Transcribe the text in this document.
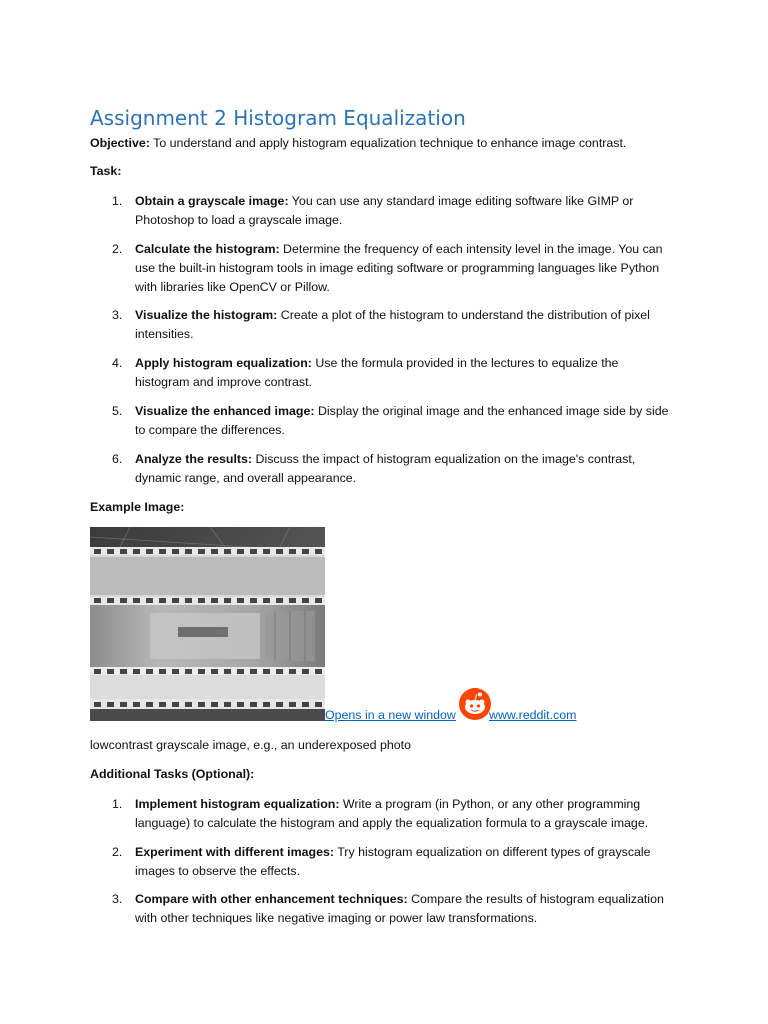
Assignment 2 Histogram Equalization

Objective: To understand and apply histogram equalization technique to enhance image contrast.

Task:

1. Obtain a grayscale image: You can use any standard image editing software like GIMP or
Photoshop to load a grayscale image.
2. Calculate the histogram: Determine the frequency of each intensity level in the image. You can
use the built-in histogram tools in image editing software or programming languages like Python
with libraries like OpenCV or Pillow.
3. Visualize the histogram: Create a plot of the histogram to understand the distribution of pixel
intensities.
4. Apply histogram equalization: Use the formula provided in the lectures to equalize the
histogram and improve contrast.
5. Visualize the enhanced image: Display the original image and the enhanced image side by side
to compare the differences.
6. Analyze the results: Discuss the impact of histogram equalization on the image's contrast,
dynamic range, and overall appearance.

Example Image:

Opens in a new window	www.reddit.com

lowcontrast grayscale image, e.g., an underexposed photo

Additional Tasks (Optional):

1. Implement histogram equalization: Write a program (in Python, or any other programming
language) to calculate the histogram and apply the equalization formula to a grayscale image.
2. Experiment with different images: Try histogram equalization on different types of grayscale
images to observe the effects.
3. Compare with other enhancement techniques: Compare the results of histogram equalization
with other techniques like negative imaging or power law transformations.
